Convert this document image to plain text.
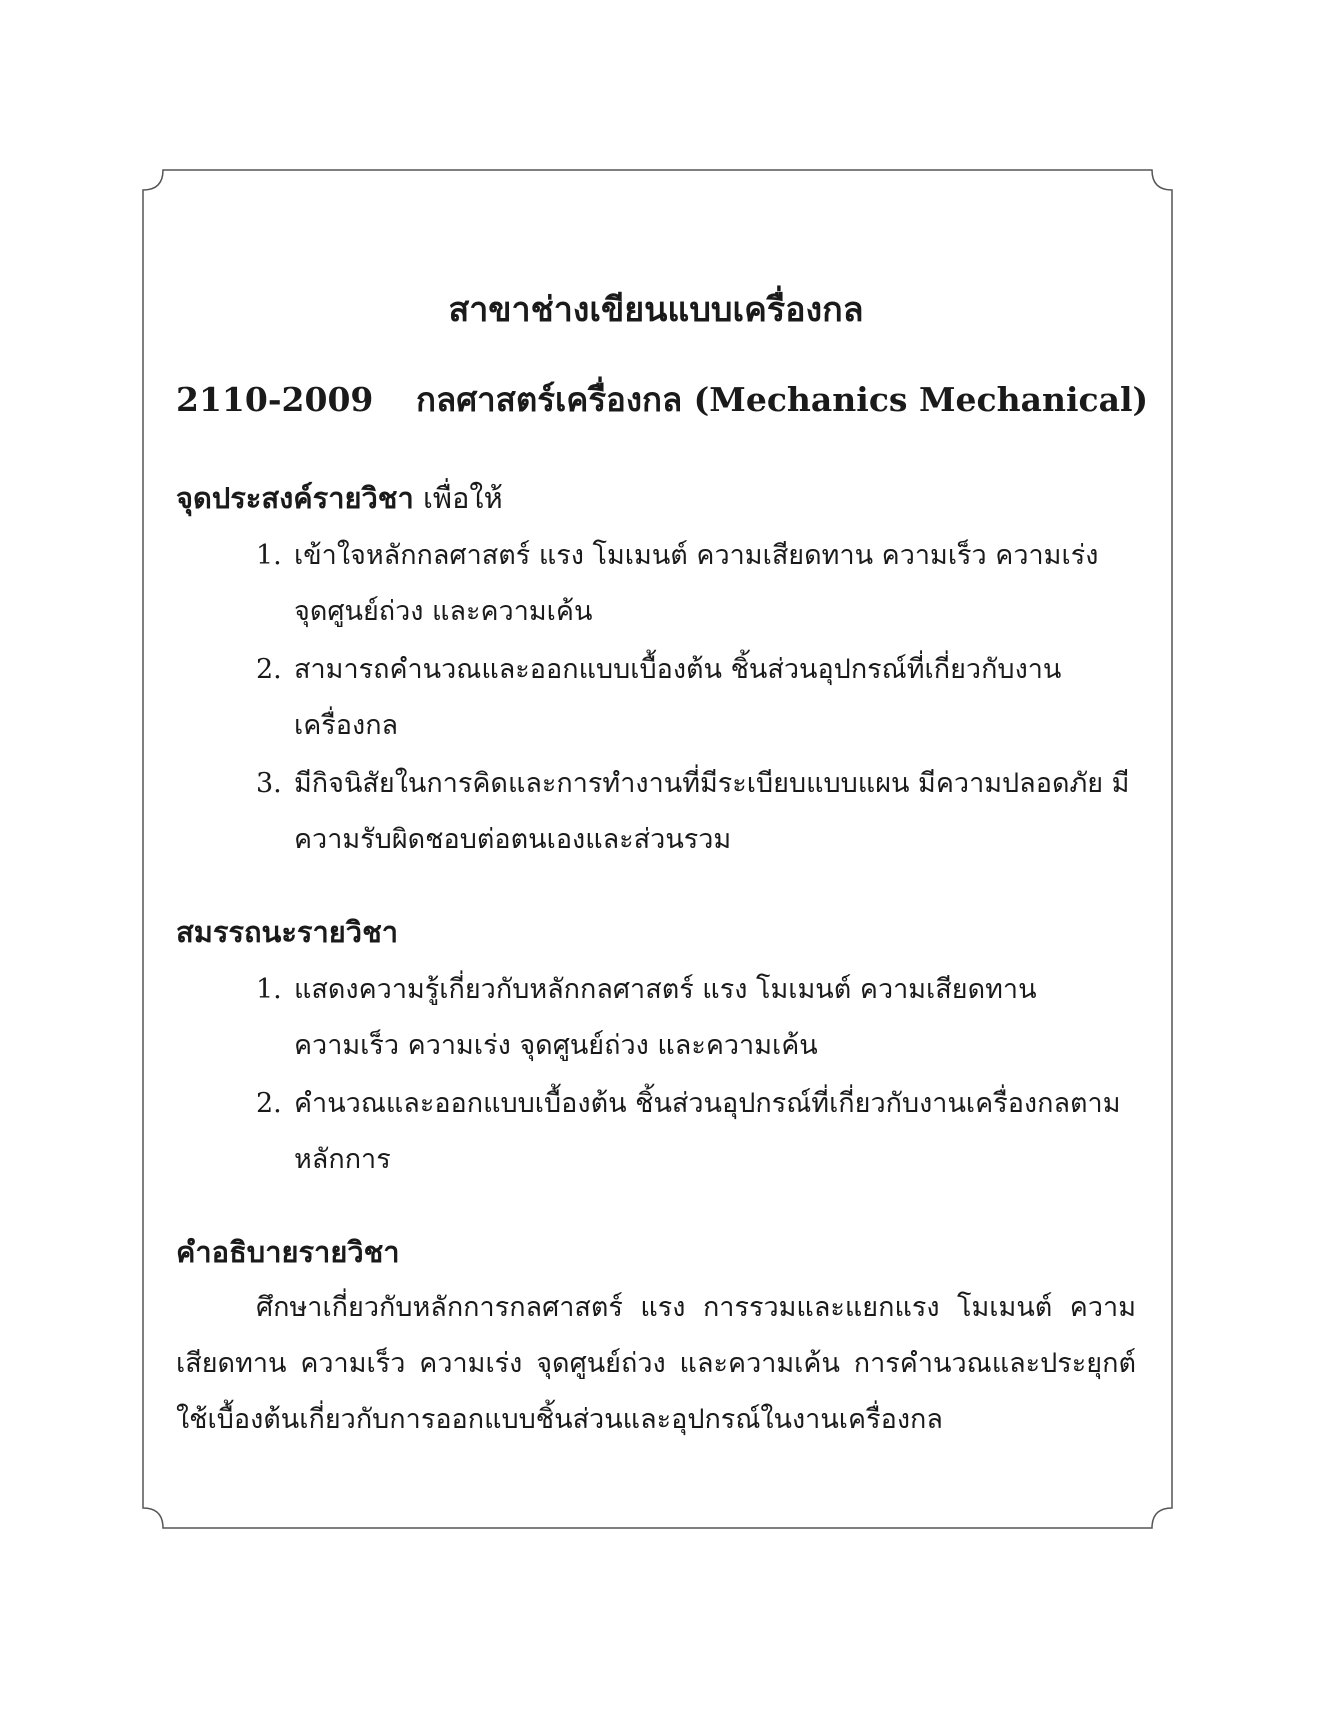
สาขาช่างเขียนแบบเครื่องกล
2110-2009 กลศาสตร์เครื่องกล (Mechanics Mechanical)

จุดประสงค์รายวิชา เพื่อให้

1. เข้าใจหลักกลศาสตร์ แรง โมเมนต์ ความเสียดทาน ความเร็ว ความเร่ง จุดศูนย์ถ่วง และความเค้น
2. สามารถคำนวณและออกแบบเบื้องต้น ชิ้นส่วนอุปกรณ์ที่เกี่ยวกับงานเครื่องกล
3. มีกิจนิสัยในการคิดและการทำงานที่มีระเบียบแบบแผน มีความปลอดภัย มีความรับผิดชอบต่อตนเองและส่วนรวม

สมรรถนะรายวิชา

1. แสดงความรู้เกี่ยวกับหลักกลศาสตร์ แรง โมเมนต์ ความเสียดทาน ความเร็ว ความเร่ง จุดศูนย์ถ่วง และความเค้น
2. คำนวณและออกแบบเบื้องต้น ชิ้นส่วนอุปกรณ์ที่เกี่ยวกับงานเครื่องกลตามหลักการ

คำอธิบายรายวิชา

ศึกษาเกี่ยวกับหลักการกลศาสตร์ แรง การรวมและแยกแรง โมเมนต์ ความเสียดทาน ความเร็ว ความเร่ง จุดศูนย์ถ่วง และความเค้น การคำนวณและประยุกต์ใช้เบื้องต้นเกี่ยวกับการออกแบบชิ้นส่วนและอุปกรณ์ในงานเครื่องกล
